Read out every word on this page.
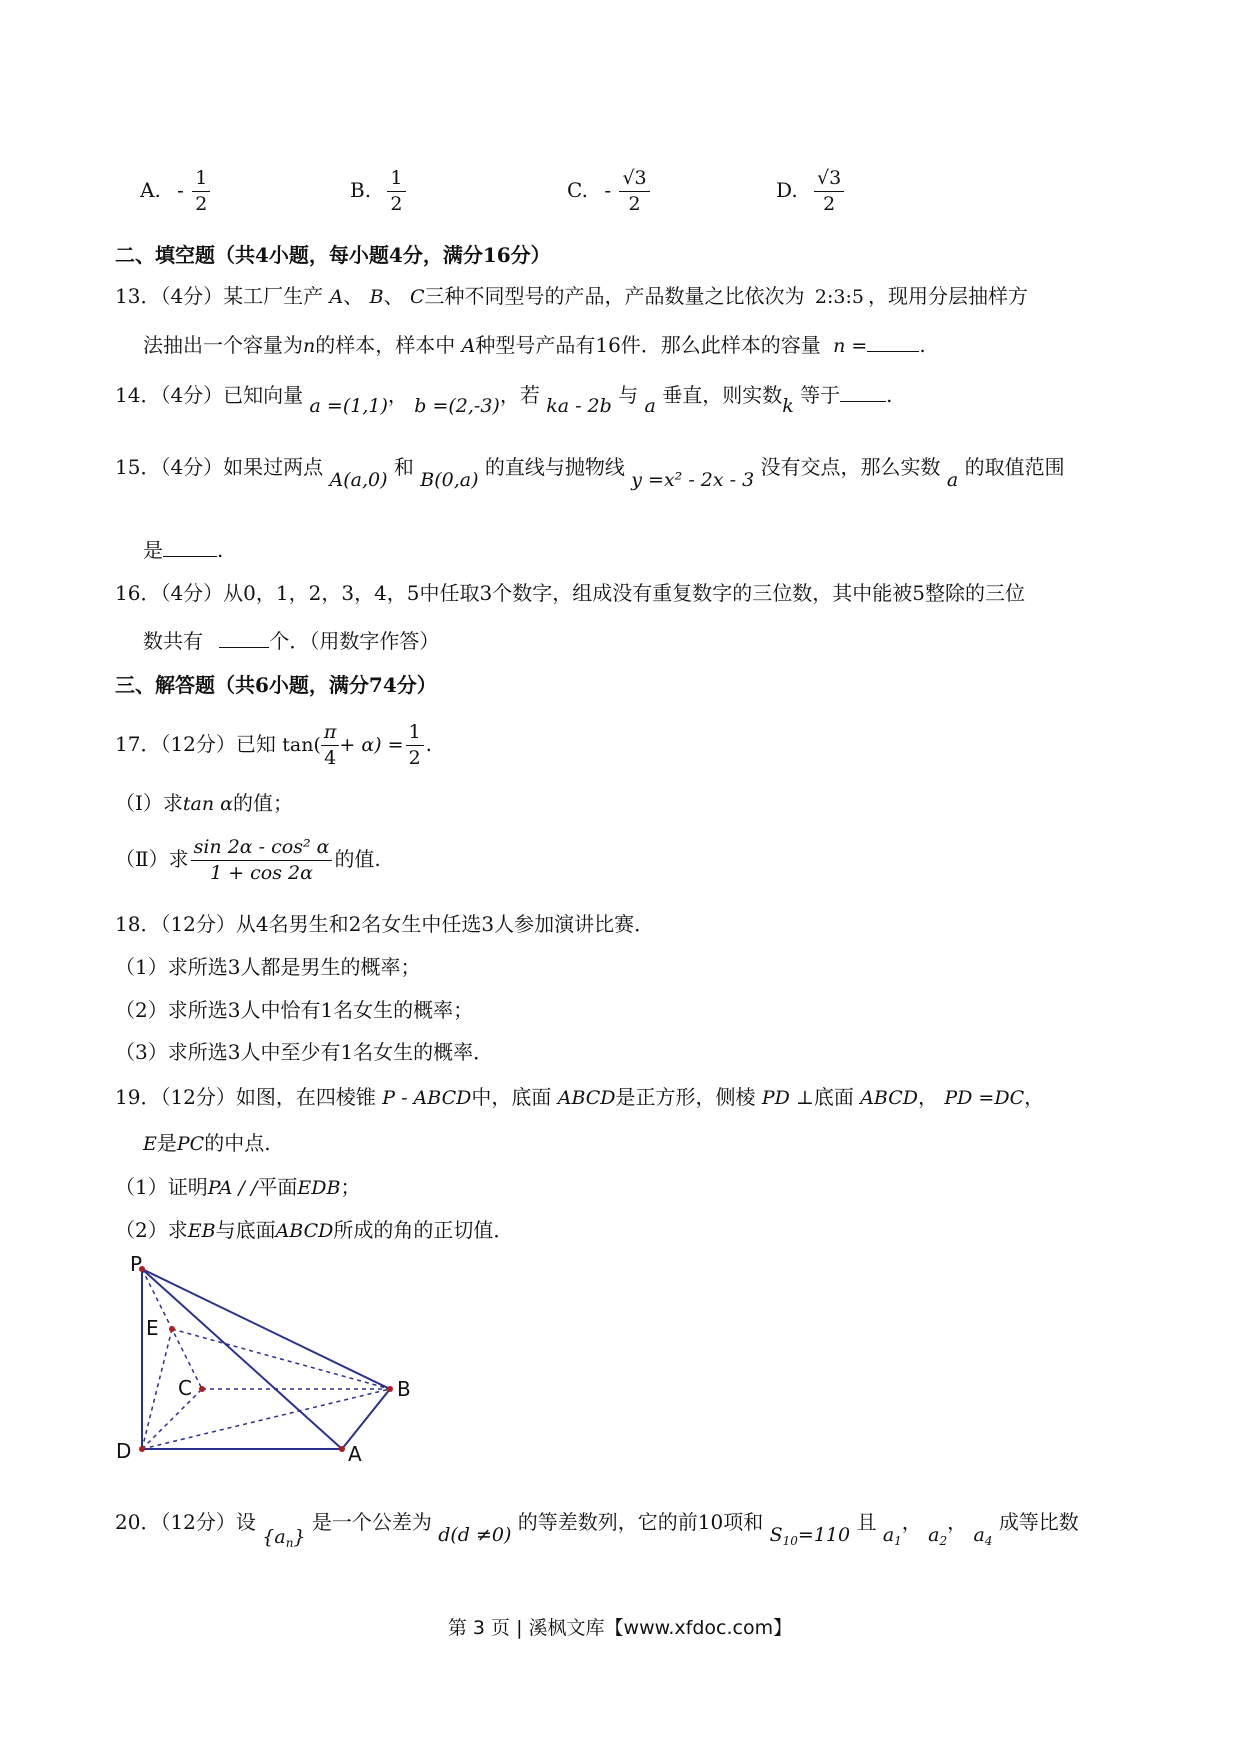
A. - $\frac{1}{2}$	B. $\frac{1}{2}$	C. - $\frac{√3}{2}$	D. $\frac{√3}{2}$
二、填空题（共4小题，每小题4分，满分16分）
13．（4分）某工厂生产 A、 B、 C三种不同型号的产品，产品数量之比依次为 2:3:5 ，现用分层抽样方
法抽出一个容量为n的样本，样本中 A种型号产品有16件．那么此样本的容量 n =	.
14．（4分）已知向量 a =(1,1)， b =(2,-3)，若 ka - 2b 与 a 垂直，则实数k 等于 .
15．（4分）如果过两点 A(a,0) 和 B(0,a) 的直线与抛物线 y =x² - 2x - 3 没有交点，那么实数 a 的取值范围
是	.
16．（4分）从0，1，2，3，4，5中任取3个数字，组成没有重复数字的三位数，其中能被5整除的三位
数共有	个．（用数字作答）
三、解答题（共6小题，满分74分）
17．（12分）已知 $\tan( \frac{\pi}{4} + \alpha) = \frac{1}{2}$ .
（Ⅰ）求tan α的值；
（Ⅱ）求 $\frac{\text{sin 2α - cos² α}}{1 + \cos 2\alpha}$ 的值.
18．（12分）从4名男生和2名女生中任选3人参加演讲比赛．
（1）求所选3人都是男生的概率；
（2）求所选3人中恰有1名女生的概率；
（3）求所选3人中至少有1名女生的概率．
19．（12分）如图，在四棱锥 P - ABCD中，底面 ABCD是正方形，侧棱 PD ⊥底面 ABCD， PD =DC，
E是PC的中点.
（1）证明PA / /平面EDB；
（2）求EB与底面ABCD所成的角的正切值．
P
E
C	B
D	A
20．（12分）设 $\{a_n\}$ 是一个公差为 d(d ≠0) 的等差数列，它的前10项和 $S_{10}=110$ 且 $a_1$， $a_2$， $a_4$ 成等比数
第 3 页 | 溪枫文库【www.xfdoc.com】
